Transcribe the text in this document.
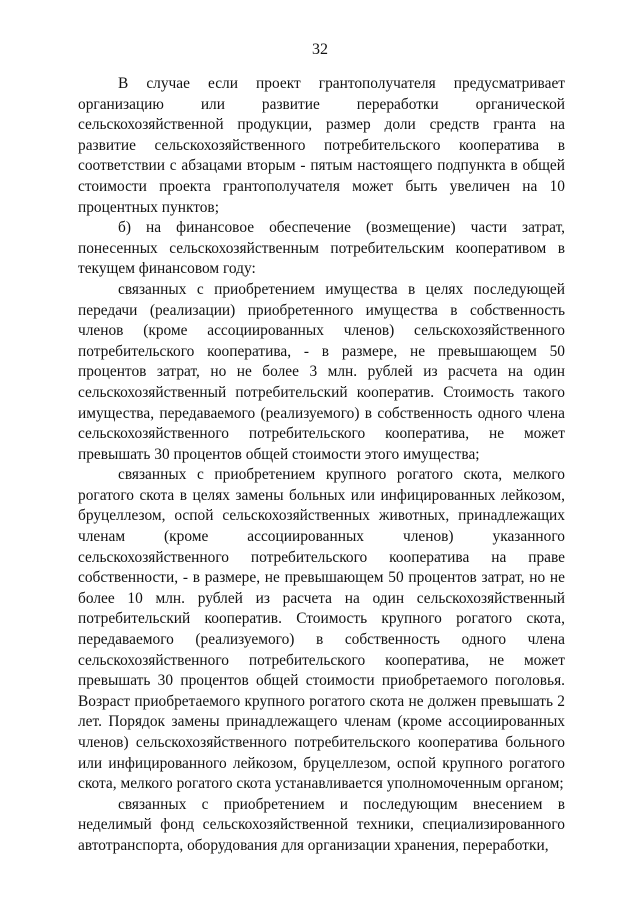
32

В случае если проект грантополучателя предусматривает организацию или развитие переработки органической сельскохозяйственной продукции, размер доли средств гранта на развитие сельскохозяйственного потребительского кооператива в соответствии с абзацами вторым - пятым настоящего подпункта в общей стоимости проекта грантополучателя может быть увеличен на 10 процентных пунктов;

б) на финансовое обеспечение (возмещение) части затрат, понесенных сельскохозяйственным потребительским кооперативом в текущем финансовом году:

связанных с приобретением имущества в целях последующей передачи (реализации) приобретенного имущества в собственность членов (кроме ассоциированных членов) сельскохозяйственного потребительского кооператива, - в размере, не превышающем 50 процентов затрат, но не более 3 млн. рублей из расчета на один сельскохозяйственный потребительский кооператив. Стоимость такого имущества, передаваемого (реализуемого) в собственность одного члена сельскохозяйственного потребительского кооператива, не может превышать 30 процентов общей стоимости этого имущества;

связанных с приобретением крупного рогатого скота, мелкого рогатого скота в целях замены больных или инфицированных лейкозом, бруцеллезом, оспой сельскохозяйственных животных, принадлежащих членам (кроме ассоциированных членов) указанного сельскохозяйственного потребительского кооператива на праве собственности, - в размере, не превышающем 50 процентов затрат, но не более 10 млн. рублей из расчета на один сельскохозяйственный потребительский кооператив. Стоимость крупного рогатого скота, передаваемого (реализуемого) в собственность одного члена сельскохозяйственного потребительского кооператива, не может превышать 30 процентов общей стоимости приобретаемого поголовья. Возраст приобретаемого крупного рогатого скота не должен превышать 2 лет. Порядок замены принадлежащего членам (кроме ассоциированных членов) сельскохозяйственного потребительского кооператива больного или инфицированного лейкозом, бруцеллезом, оспой крупного рогатого скота, мелкого рогатого скота устанавливается уполномоченным органом;

связанных с приобретением и последующим внесением в неделимый фонд сельскохозяйственной техники, специализированного автотранспорта, оборудования для организации хранения, переработки,
